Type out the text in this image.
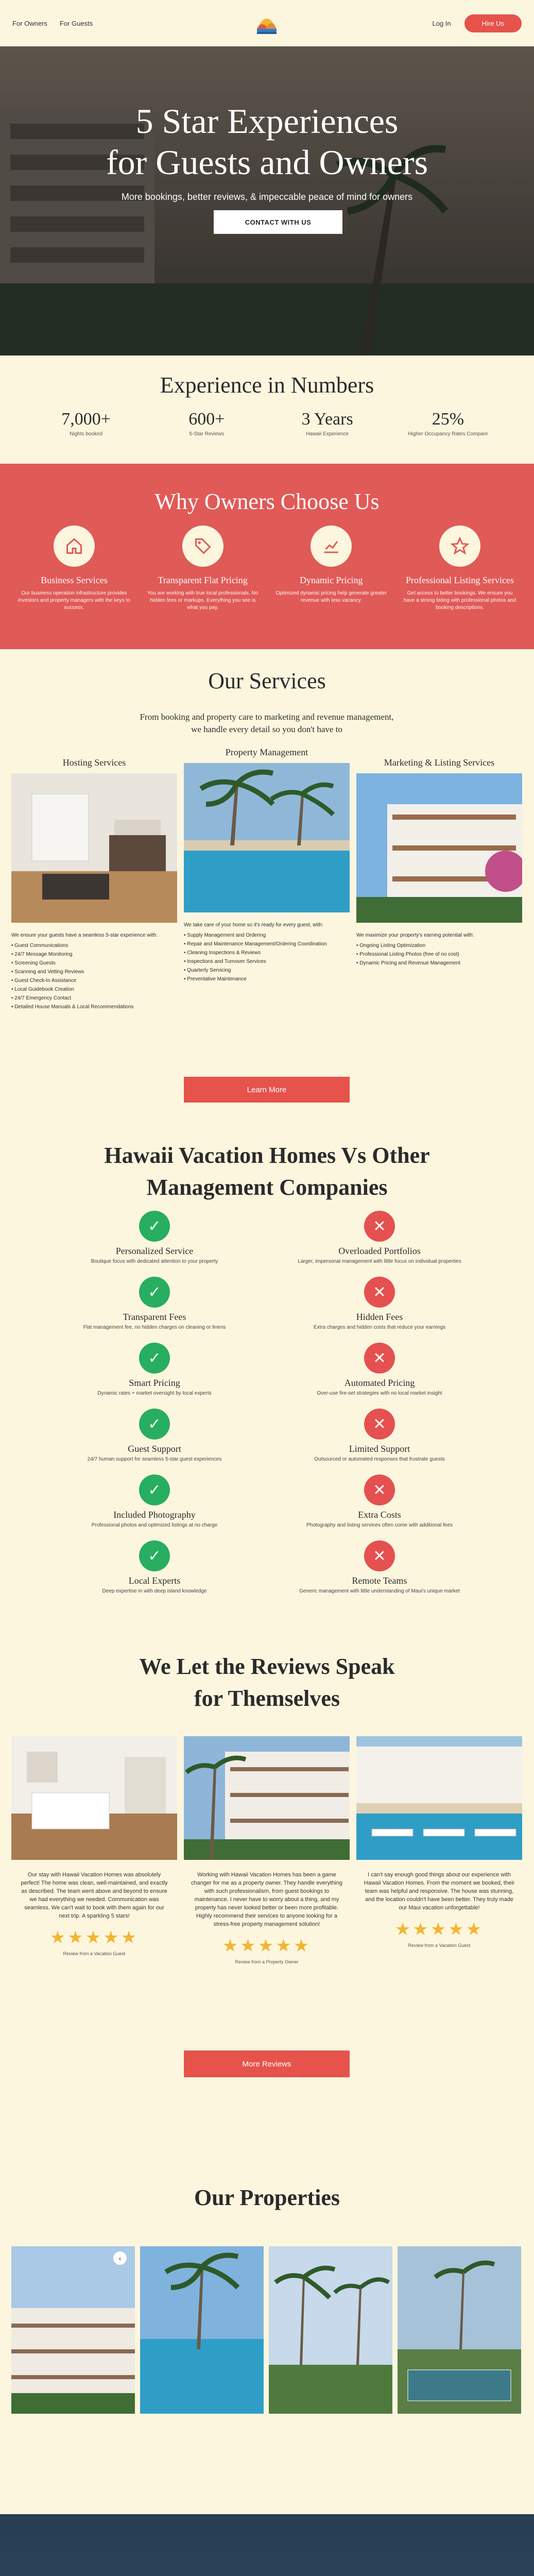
For Owners For Guests	Log In	Hire Us
5 Star Experiences
for Guests and Owners

More bookings, better reviews, & impeccable peace of mind for owners

CONTACT WITH US
Experience in Numbers
7,000+
Nights booked
600+
5-Star Reviews
3 Years
Hawaii Experience
25%
Higher Occupancy Rates Compare
Why Owners Choose Us
Business Services
Our business operation infrastructure provides investors and property managers with the keys to success.
Transparent Flat Pricing
You are working with true local professionals. No hidden fees or markups. Everything you see is what you pay.
Dynamic Pricing
Optimized dynamic pricing help generate greater revenue with less vacancy.
Professional Listing Services
Get access to better bookings. We ensure you have a strong listing with professional photos and booking descriptions.
Our Services

From booking and property care to marketing and revenue management, we handle every detail so you don't have to

Hosting Services
We ensure your guests have a seamless 5-star experience with:
• Guest Communications
• 24/7 Message Monitoring
• Screening Guests
• Scanning and Vetting Reviews
• Guest Check-In Assistance
• Local Guidebook Creation
• 24/7 Emergency Contact
• Detailed House Manuals & Local Recommendations
Property Management
We take care of your home so it's ready for every guest, with:
• Supply Management and Ordering
• Repair and Maintenance Management/Ordering Coordination
• Cleaning Inspections & Reviews
• Inspections and Turnover Services
• Quarterly Servicing
• Preventative Maintenance
Marketing & Listing Services
We maximize your property's earning potential with:
• Ongoing Listing Optimization
• Professional Listing Photos (free of no cost)
• Dynamic Pricing and Revenue Management
Learn More
Hawaii Vacation Homes Vs Other
Management Companies
✓
Personalized Service
Boutique focus with dedicated attention to your property
✕
Overloaded Portfolios
Larger, impersonal management with little focus on individual properties
✓
Transparent Fees
Flat management fee, no hidden charges on cleaning or linens
✕
Hidden Fees
Extra charges and hidden costs that reduce your earnings
✓
Smart Pricing
Dynamic rates + market oversight by local experts
✕
Automated Pricing
Over-use fire-set strategies with no local market insight
✓
Guest Support
24/7 human support for seamless 5-star guest experiences
✕
Limited Support
Outsourced or automated responses that frustrate guests
✓
Included Photography
Professional photos and optimized listings at no charge
✕
Extra Costs
Photography and listing services often come with additional fees
✓
Local Experts
Deep expertise in with deep island knowledge
✕
Remote Teams
Generic management with little understanding of Maui's unique market
We Let the Reviews Speak
for Themselves

Our stay with Hawaii Vacation Homes was absolutely perfect! The home was clean, well-maintained, and exactly as described. The team went above and beyond to ensure we had everything we needed. Communication was seamless. We can't wait to book with them again for our next trip. A sparkling 5 stars!

★★★★★
Review from a Vacation Guest

Working with Hawaii Vacation Homes has been a game changer for me as a property owner. They handle everything with such professionalism, from guest bookings to maintenance. I never have to worry about a thing, and my property has never looked better or been more profitable. Highly recommend their services to anyone looking for a stress-free property management solution!

★★★★★
Review from a Property Owner

I can't say enough good things about our experience with Hawaii Vacation Homes. From the moment we booked, their team was helpful and responsive. The house was stunning, and the location couldn't have been better. They truly made our Maui vacation unforgettable!

★★★★★
Review from a Vacation Guest
More Reviews
Our Properties
‹
